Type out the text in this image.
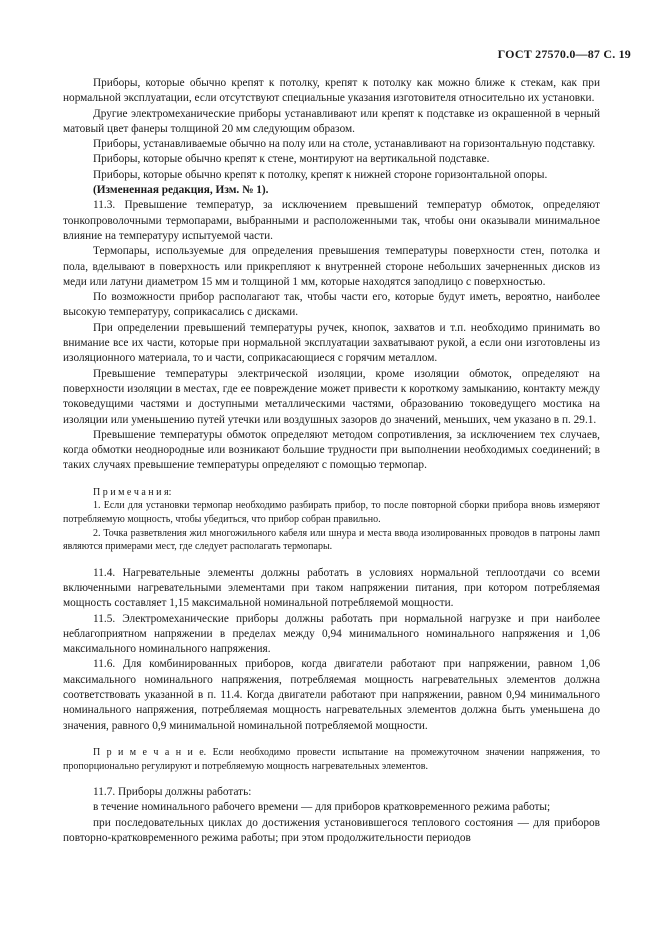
ГОСТ 27570.0—87 С. 19

Приборы, которые обычно крепят к потолку, крепят к потолку как можно ближе к стекам, как при нормальной эксплуатации, если отсутствуют специальные указания изготовителя относительно их установки.

Другие электромеханические приборы устанавливают или крепят к подставке из окрашенной в черный матовый цвет фанеры толщиной 20 мм следующим образом.

Приборы, устанавливаемые обычно на полу или на столе, устанавливают на горизонтальную подставку.

Приборы, которые обычно крепят к стене, монтируют на вертикальной подставке.

Приборы, которые обычно крепят к потолку, крепят к нижней стороне горизонтальной опоры.

(Измененная редакция, Изм. № 1).

11.3. Превышение температур, за исключением превышений температур обмоток, определяют тонкопроволочными термопарами, выбранными и расположенными так, чтобы они оказывали минимальное влияние на температуру испытуемой части.

Термопары, используемые для определения превышения температуры поверхности стен, потолка и пола, вделывают в поверхность или прикрепляют к внутренней стороне небольших зачерненных дисков из меди или латуни диаметром 15 мм и толщиной 1 мм, которые находятся заподлицо с поверхностью.

По возможности прибор располагают так, чтобы части его, которые будут иметь, вероятно, наиболее высокую температуру, соприкасались с дисками.

При определении превышений температуры ручек, кнопок, захватов и т.п. необходимо принимать во внимание все их части, которые при нормальной эксплуатации захватывают рукой, а если они изготовлены из изоляционного материала, то и части, соприкасающиеся с горячим металлом.

Превышение температуры электрической изоляции, кроме изоляции обмоток, определяют на поверхности изоляции в местах, где ее повреждение может привести к короткому замыканию, контакту между токоведущими частями и доступными металлическими частями, образованию токоведущего мостика на изоляции или уменьшению путей утечки или воздушных зазоров до значений, меньших, чем указано в п. 29.1.

Превышение температуры обмоток определяют методом сопротивления, за исключением тех случаев, когда обмотки неоднородные или возникают большие трудности при выполнении необходимых соединений; в таких случаях превышение температуры определяют с помощью термопар.

П р и м е ч а н и я:

1. Если для установки термопар необходимо разбирать прибор, то после повторной сборки прибора вновь измеряют потребляемую мощность, чтобы убедиться, что прибор собран правильно.

2. Точка разветвления жил многожильного кабеля или шнура и места ввода изолированных проводов в патроны ламп являются примерами мест, где следует располагать термопары.

11.4. Нагревательные элементы должны работать в условиях нормальной теплоотдачи со всеми включенными нагревательными элементами при таком напряжении питания, при котором потребляемая мощность составляет 1,15 максимальной номинальной потребляемой мощности.

11.5. Электромеханические приборы должны работать при нормальной нагрузке и при наиболее неблагоприятном напряжении в пределах между 0,94 минимального номинального напряжения и 1,06 максимального номинального напряжения.

11.6. Для комбинированных приборов, когда двигатели работают при напряжении, равном 1,06 максимального номинального напряжения, потребляемая мощность нагревательных элементов должна соответствовать указанной в п. 11.4. Когда двигатели работают при напряжении, равном 0,94 минимального номинального напряжения, потребляемая мощность нагревательных элементов должна быть уменьшена до значения, равного 0,9 минимальной номинальной потребляемой мощности.

П р и м е ч а н и е. Если необходимо провести испытание на промежуточном значении напряжения, то пропорционально регулируют и потребляемую мощность нагревательных элементов.

11.7. Приборы должны работать:

в течение номинального рабочего времени — для приборов кратковременного режима работы;

при последовательных циклах до достижения установившегося теплового состояния — для приборов повторно-кратковременного режима работы; при этом продолжительности периодов
